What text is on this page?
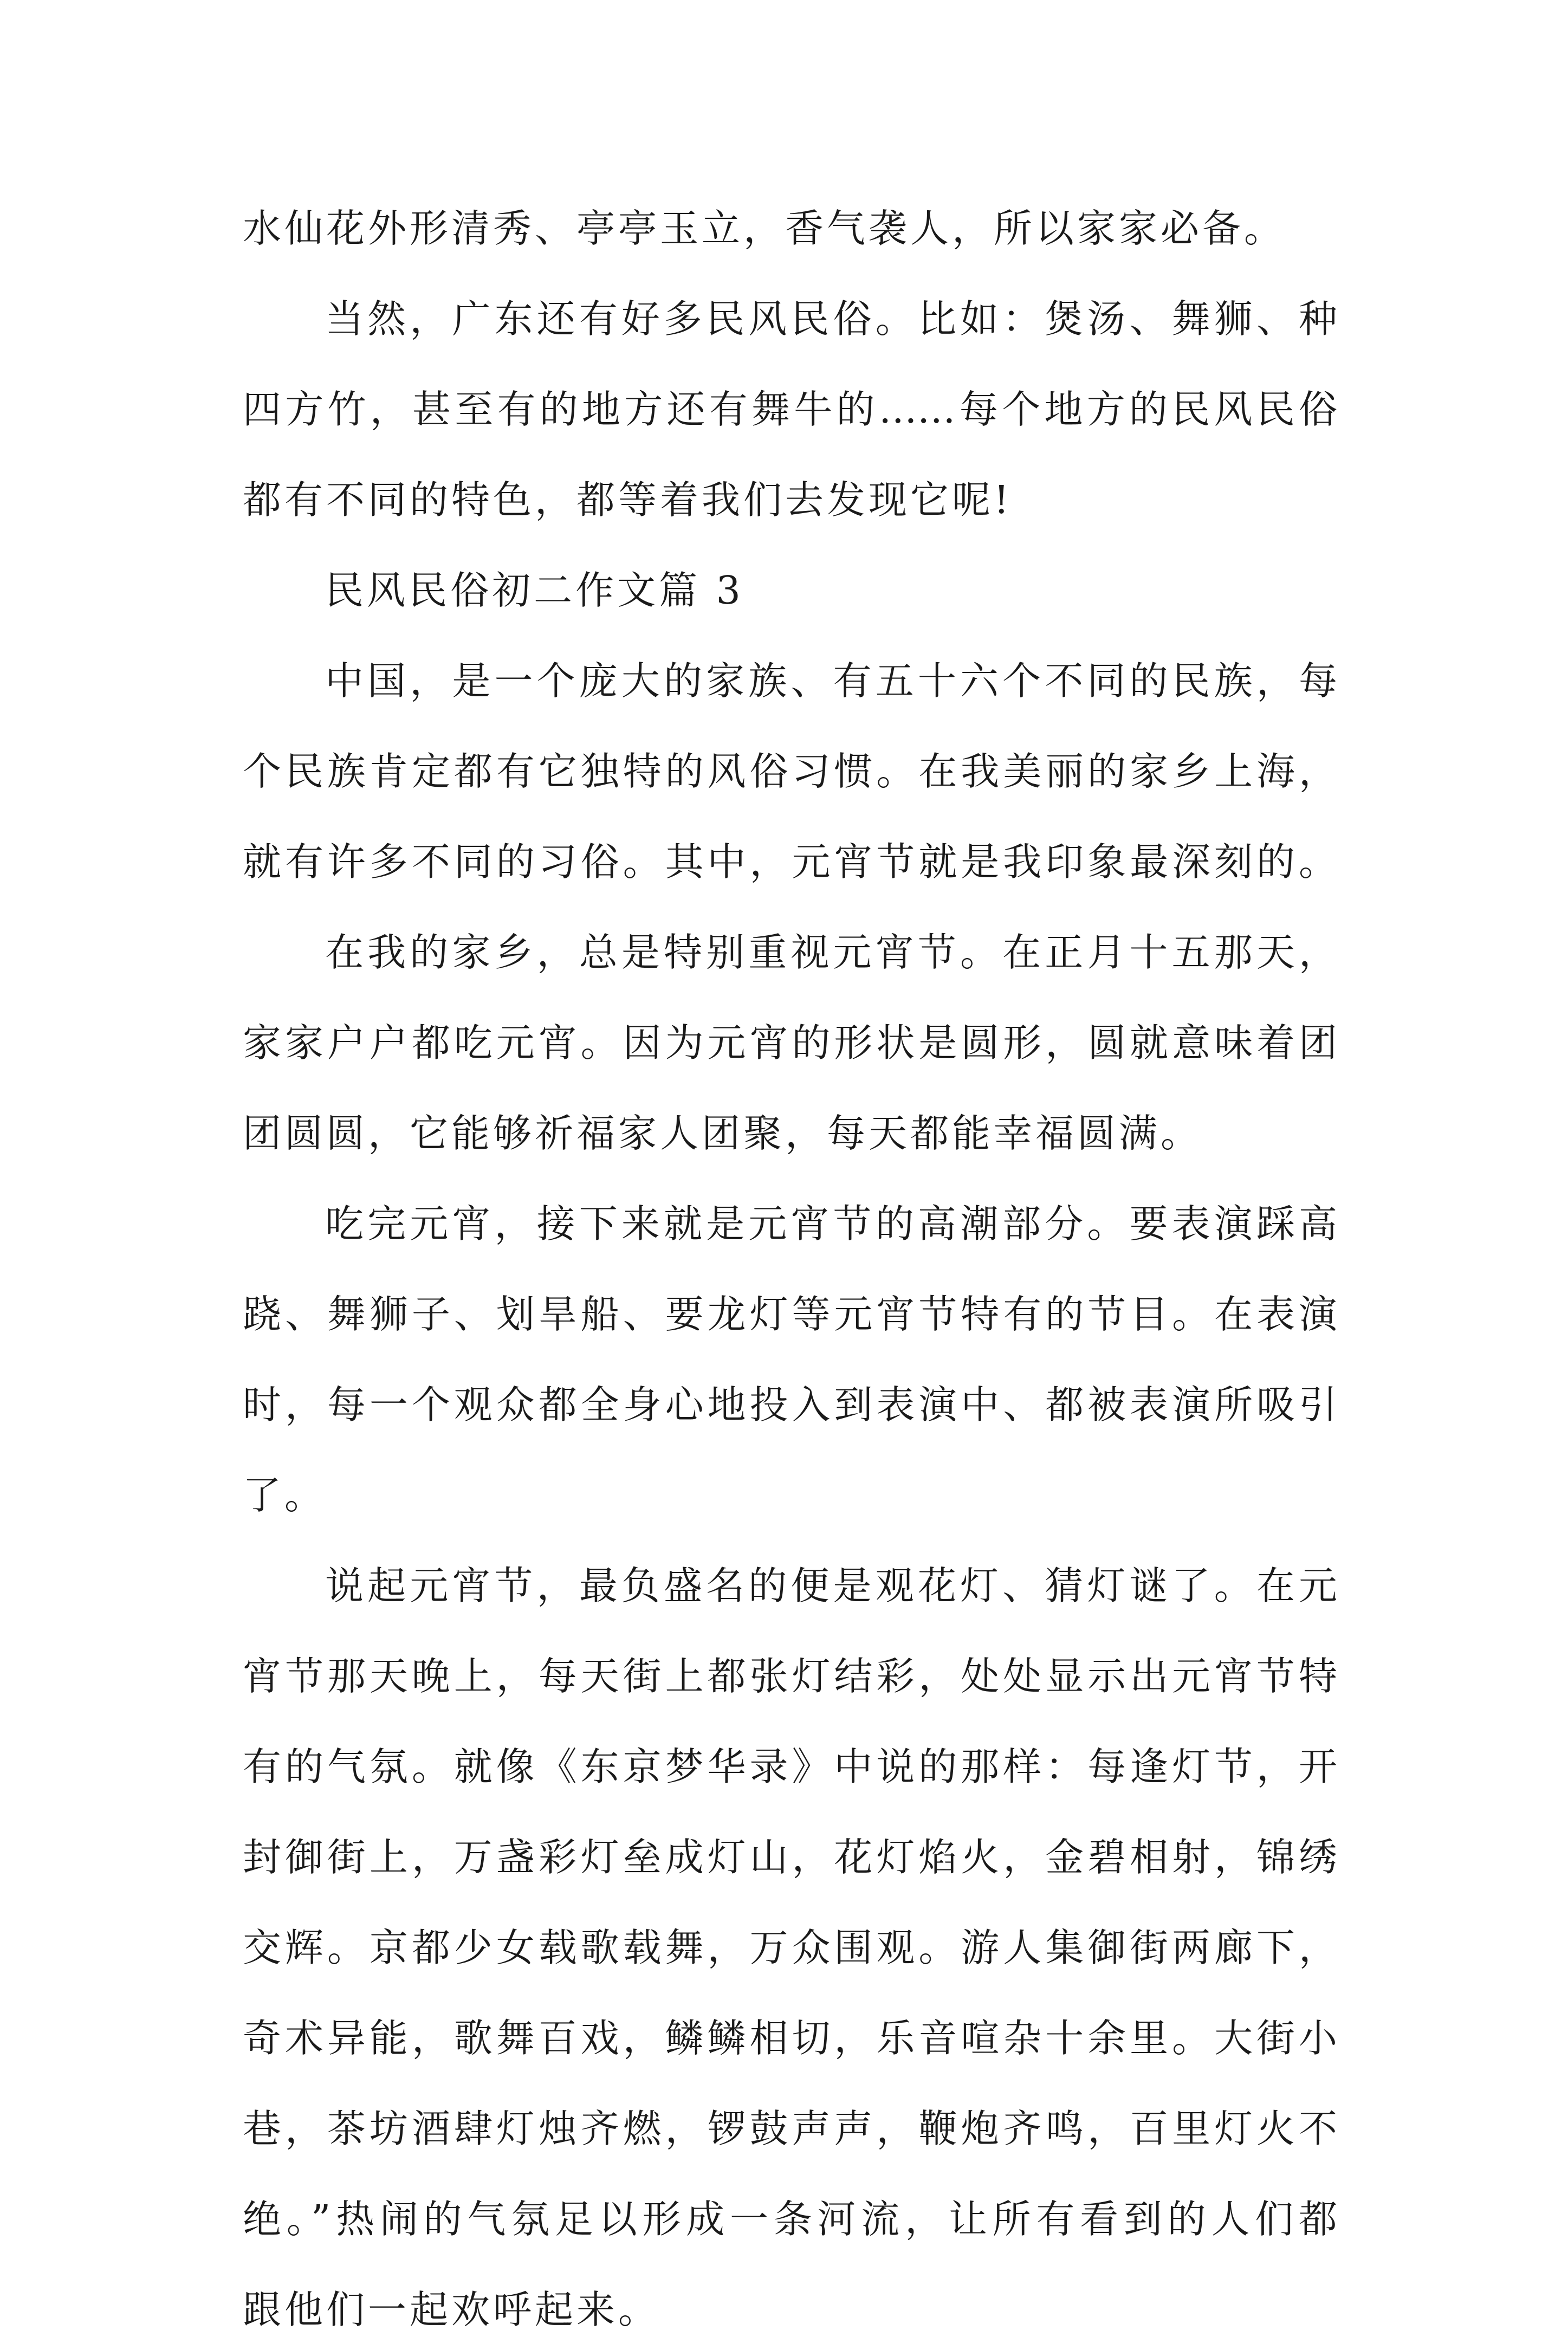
水仙花外形清秀、亭亭玉立，香气袭人，所以家家必备。
当然，广东还有好多民风民俗。比如：煲汤、舞狮、种
四方竹，甚至有的地方还有舞牛的……每个地方的民风民俗
都有不同的特色，都等着我们去发现它呢!
民风民俗初二作文篇 3
中国，是一个庞大的家族、有五十六个不同的民族，每
个民族肯定都有它独特的风俗习惯。在我美丽的家乡上海，
就有许多不同的习俗。其中，元宵节就是我印象最深刻的。
在我的家乡，总是特别重视元宵节。在正月十五那天，
家家户户都吃元宵。因为元宵的形状是圆形，圆就意味着团
团圆圆，它能够祈福家人团聚，每天都能幸福圆满。
吃完元宵，接下来就是元宵节的高潮部分。要表演踩高
跷、舞狮子、划旱船、要龙灯等元宵节特有的节目。在表演
时，每一个观众都全身心地投入到表演中、都被表演所吸引
了。
说起元宵节，最负盛名的便是观花灯、猜灯谜了。在元
宵节那天晚上，每天街上都张灯结彩，处处显示出元宵节特
有的气氛。就像《东京梦华录》中说的那样：每逢灯节，开
封御街上，万盏彩灯垒成灯山，花灯焰火，金碧相射，锦绣
交辉。京都少女载歌载舞，万众围观。游人集御街两廊下，
奇术异能，歌舞百戏，鳞鳞相切，乐音喧杂十余里。大街小
巷，茶坊酒肆灯烛齐燃，锣鼓声声，鞭炮齐鸣，百里灯火不
绝。”热闹的气氛足以形成一条河流，让所有看到的人们都
跟他们一起欢呼起来。
